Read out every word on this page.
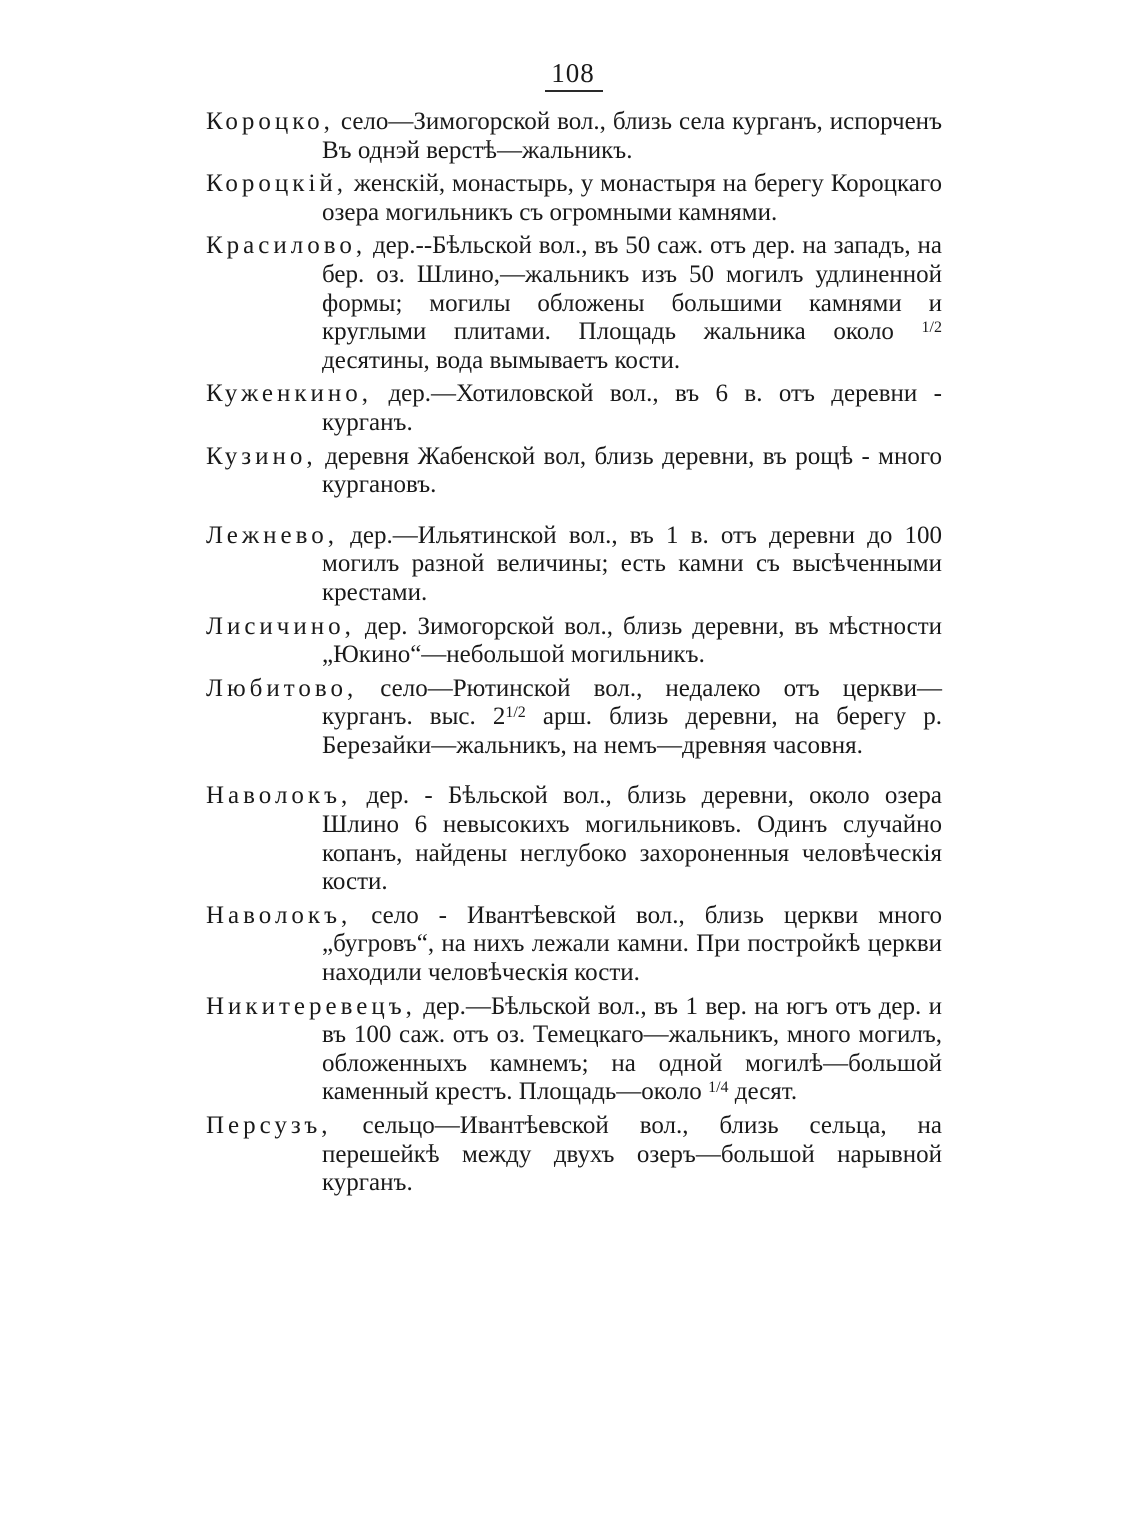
108

Короцко, село—Зимогорской вол., близь села курганъ, испорченъ Въ однэй верстѣ—жальникъ.

Короцкій, женскій, монастырь, у монастыря на берегу Короцкаго озера могильникъ съ огромными камнями.

Красилово, дер.--Бѣльской вол., въ 50 саж. отъ дер. на западъ, на бер. оз. Шлино,—жальникъ изъ 50 могилъ удлиненной формы; могилы обложены большими камнями и круглыми плитами. Площадь жальника около $^{1/2}$ десятины, вода вымываетъ кости.

Куженкино, дер.—Хотиловской вол., въ 6 в. отъ деревни - курганъ.

Кузино, деревня Жабенской вол, близь деревни, въ рощѣ - много кургановъ.

Лежнево, дер.—Ильятинской вол., въ 1 в. отъ деревни до 100 могилъ разной величины; есть камни съ высѣченными крестами.

Лисичино, дер. Зимогорской вол., близь деревни, въ мѣстности „Юкино“—небольшой могильникъ.

Любитово, село—Рютинской вол., недалеко отъ церкви—курганъ. выс. $2^{1/2}$ арш. близь деревни, на берегу р. Березайки—жальникъ, на немъ—древняя часовня.

Наволокъ, дер. - Бѣльской вол., близь деревни, около озера Шлино 6 невысокихъ могильниковъ. Одинъ случайно копанъ, найдены неглубоко захороненныя человѣческія кости.

Наволокъ, село - Ивантѣевской вол., близь церкви много „бугровъ“, на нихъ лежали камни. При постройкѣ церкви находили человѣческія кости.

Никитеревецъ, дер.—Бѣльской вол., въ 1 вер. на югъ отъ дер. и въ 100 саж. отъ оз. Темецкаго—жальникъ, много могилъ, обложенныхъ камнемъ; на одной могилѣ—большой каменный крестъ. Площадь—около $^{1/4}$ десят.

Персузъ, сельцо—Ивантѣевской вол., близь сельца, на перешейкѣ между двухъ озеръ—большой нарывной курганъ.
